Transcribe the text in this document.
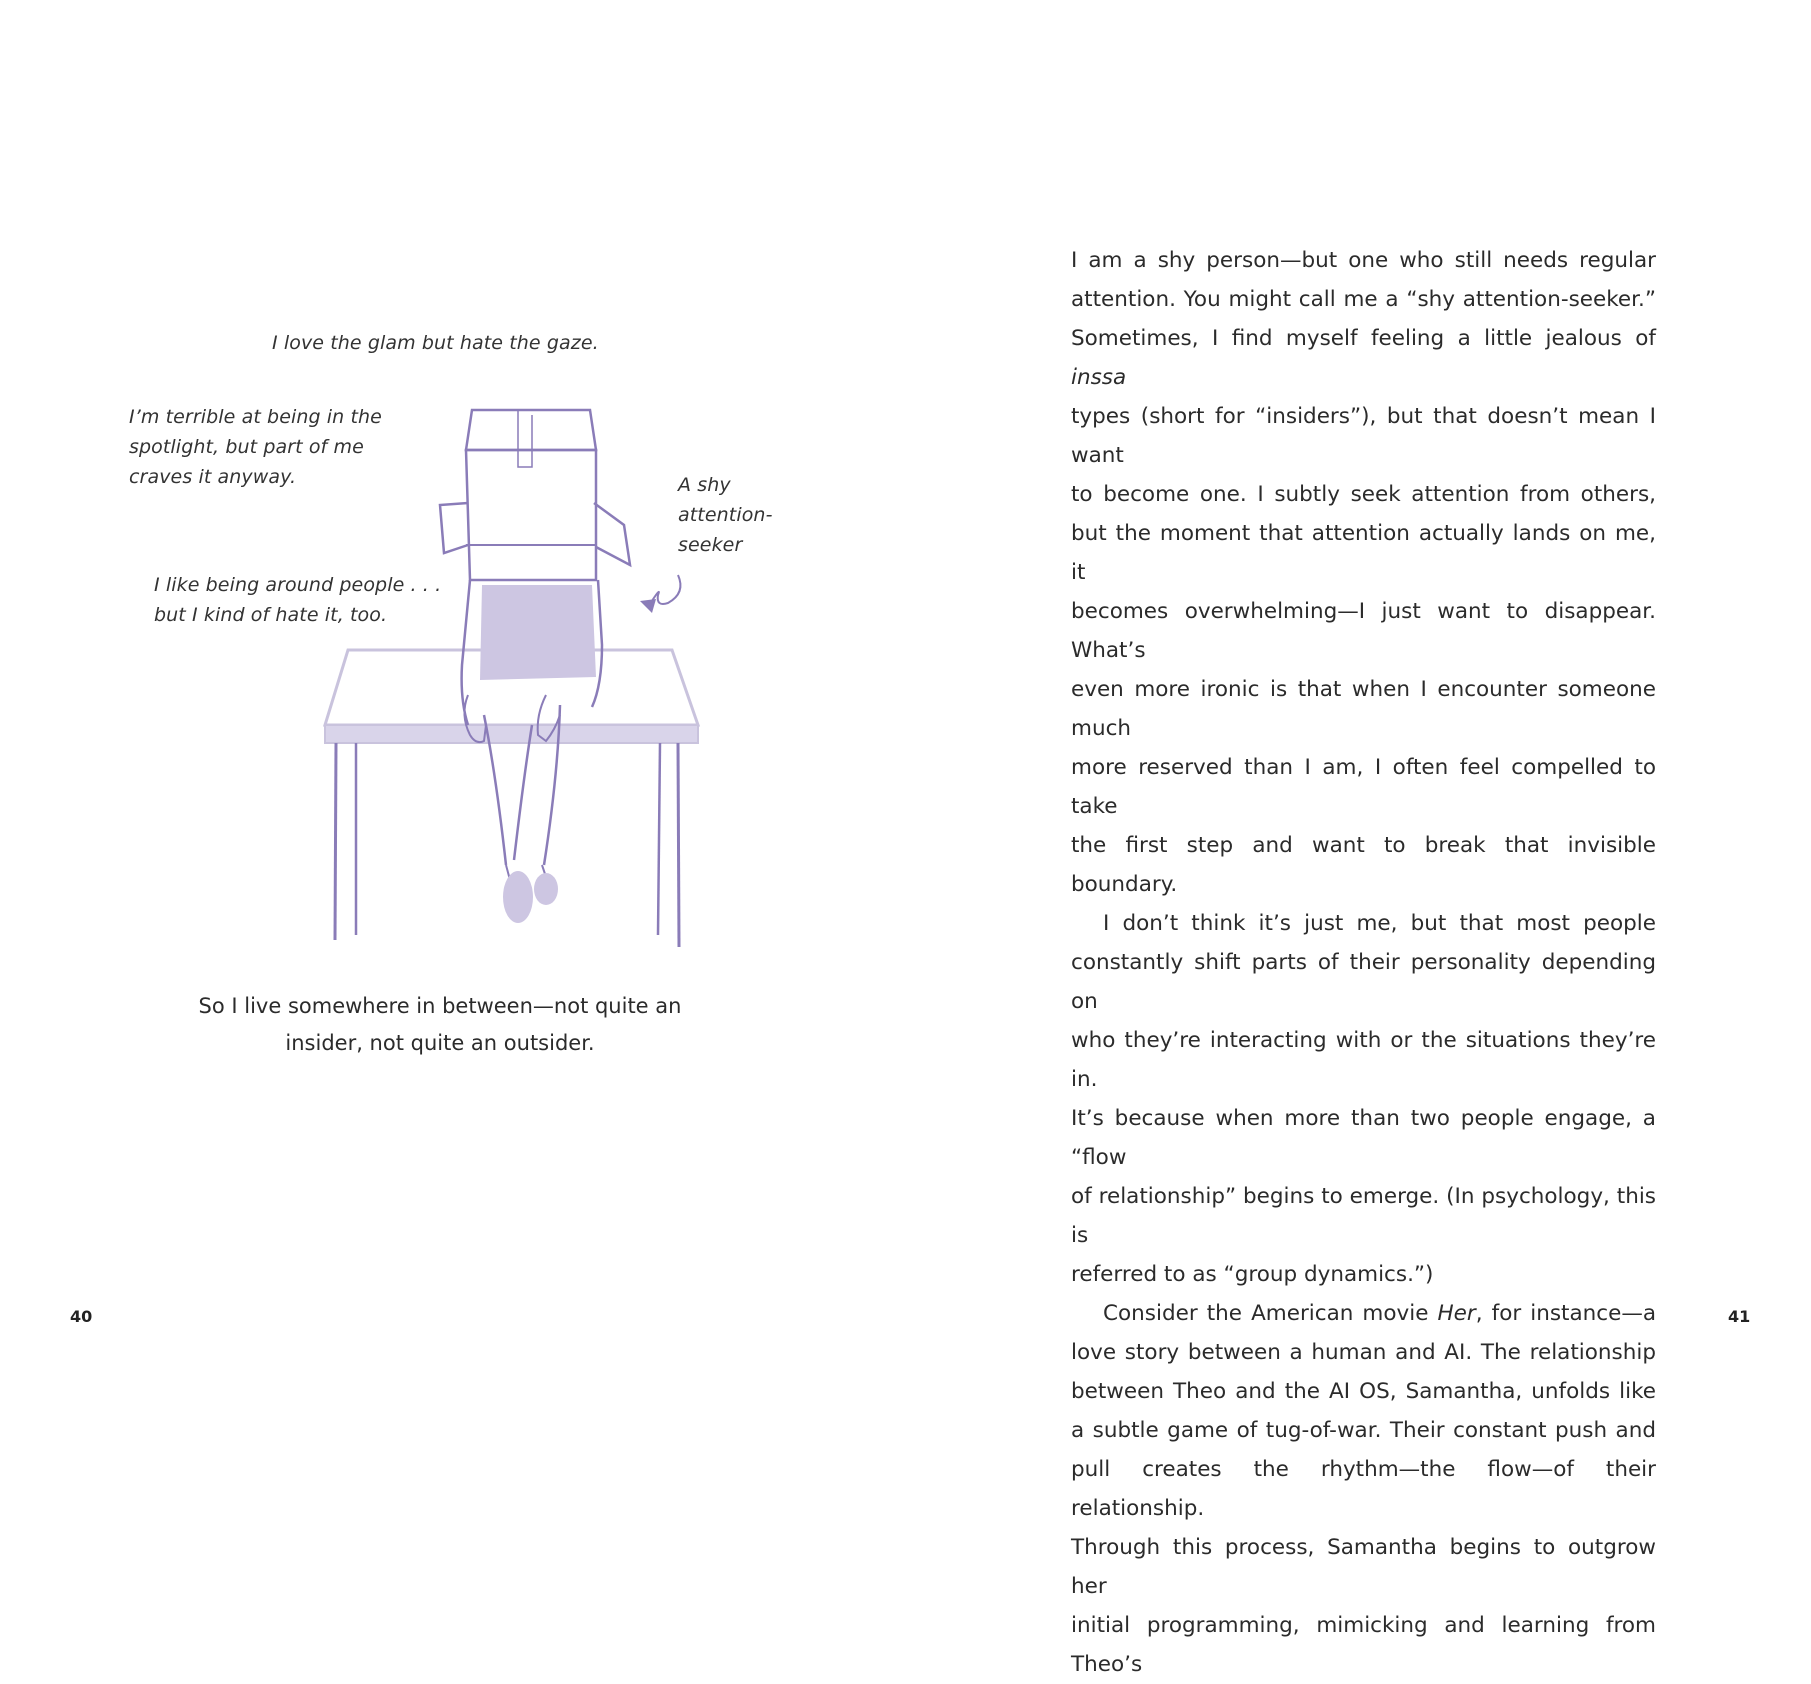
I love the glam but hate the gaze.
I’m terrible at being in the
spotlight, but part of me
craves it anyway.
I like being around people . . .
but I kind of hate it, too.
A shy
attention-
seeker
So I live somewhere in between—not quite an
insider, not quite an outsider.
40	41

I am a shy person—but one who still needs regular

attention. You might call me a “shy attention-seeker.”

Sometimes, I find myself feeling a little jealous of inssa

types (short for “insiders”), but that doesn’t mean I want

to become one. I subtly seek attention from others,

but the moment that attention actually lands on me, it

becomes overwhelming—I just want to disappear. What’s

even more ironic is that when I encounter someone much

more reserved than I am, I often feel compelled to take

the first step and want to break that invisible boundary.

I don’t think it’s just me, but that most people

constantly shift parts of their personality depending on

who they’re interacting with or the situations they’re in.

It’s because when more than two people engage, a “flow

of relationship” begins to emerge. (In psychology, this is

referred to as “group dynamics.”)

Consider the American movie Her, for instance—a

love story between a human and AI. The relationship

between Theo and the AI OS, Samantha, unfolds like

a subtle game of tug-of-war. Their constant push and

pull creates the rhythm—the flow—of their relationship.

Through this process, Samantha begins to outgrow her

initial programming, mimicking and learning from Theo’s
